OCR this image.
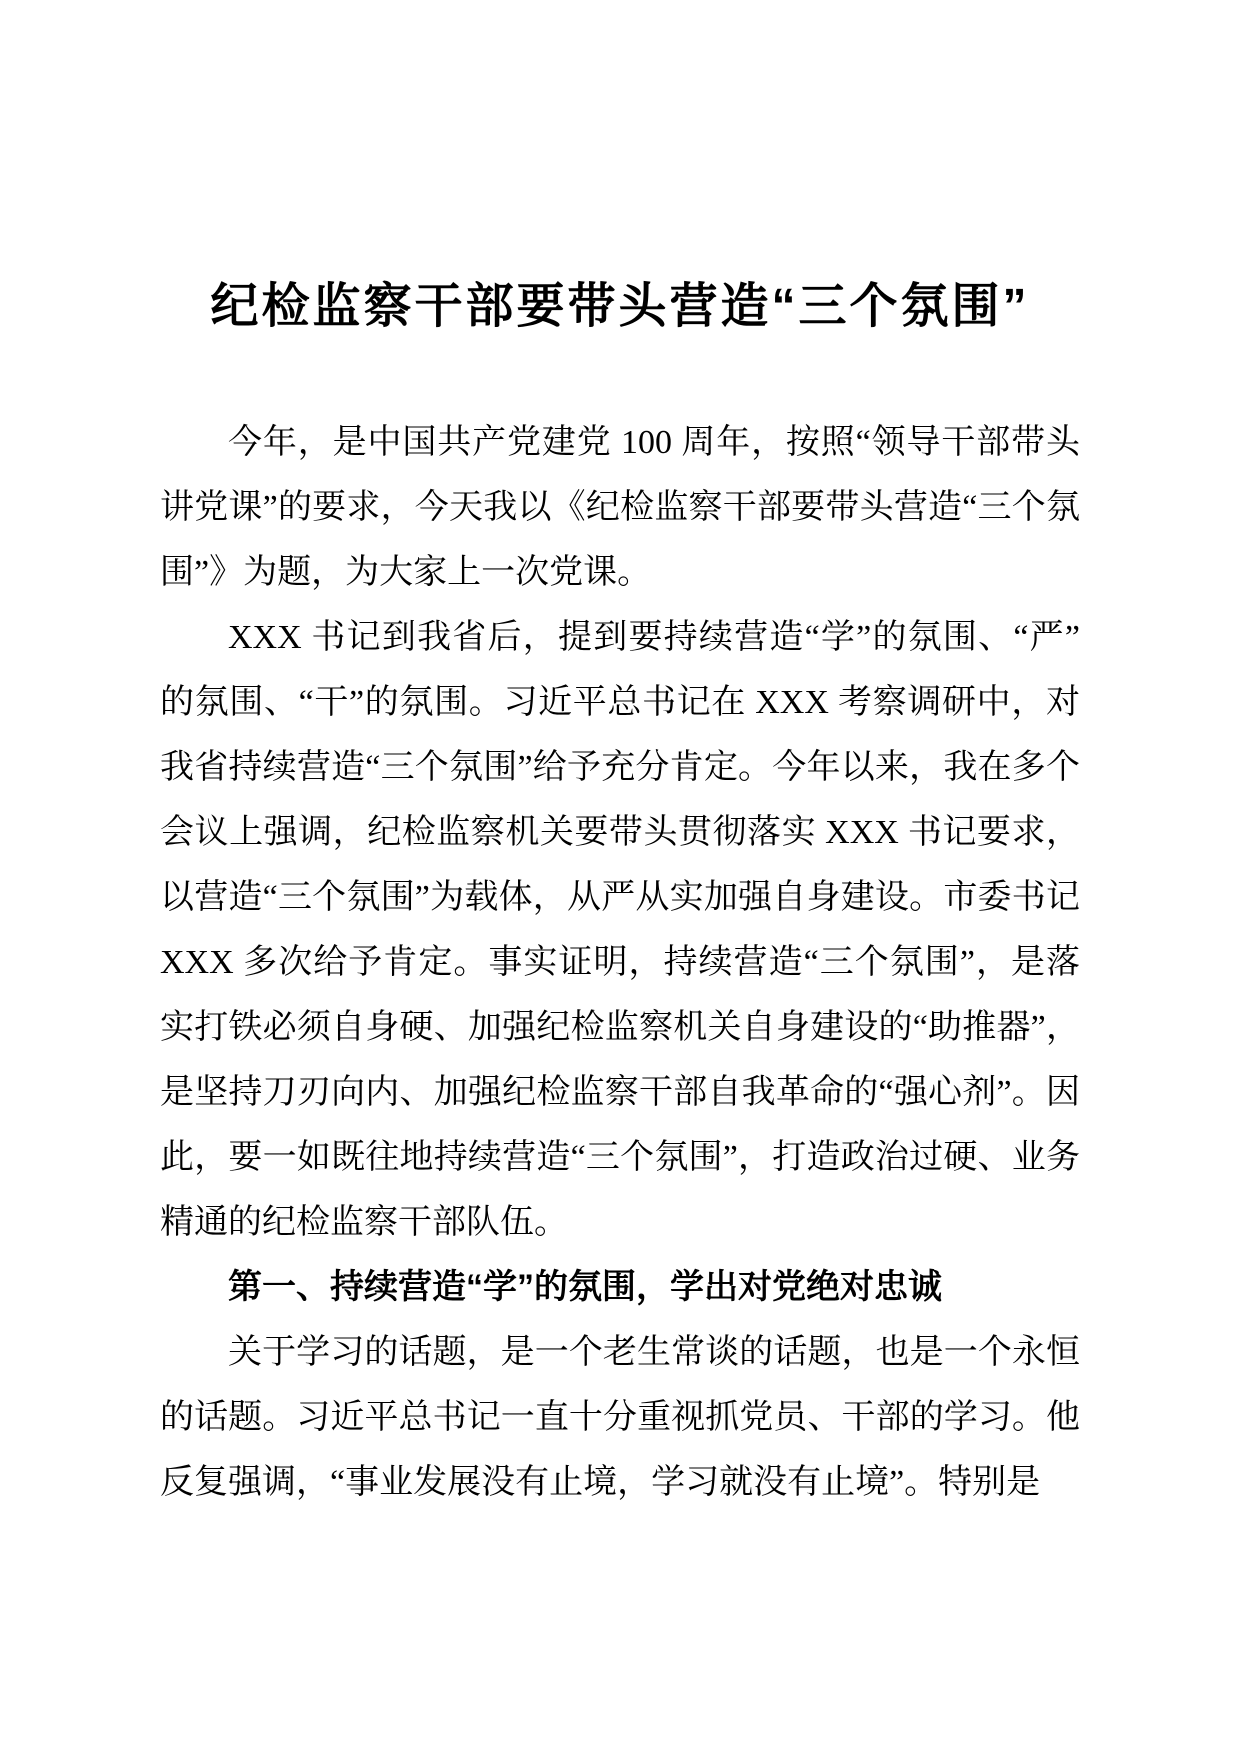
纪检监察干部要带头营造“三个氛围”

今年，是中国共产党建党 100 周年，按照“领导干部带头讲党课”的要求，今天我以《纪检监察干部要带头营造“三个氛围”》为题，为大家上一次党课。

XXX 书记到我省后，提到要持续营造“学”的氛围、“严”的氛围、“干”的氛围。习近平总书记在 XXX 考察调研中，对我省持续营造“三个氛围”给予充分肯定。今年以来，我在多个会议上强调，纪检监察机关要带头贯彻落实 XXX 书记要求，以营造“三个氛围”为载体，从严从实加强自身建设。市委书记 XXX 多次给予肯定。事实证明，持续营造“三个氛围”，是落实打铁必须自身硬、加强纪检监察机关自身建设的“助推器”，是坚持刀刃向内、加强纪检监察干部自我革命的“强心剂”。因此，要一如既往地持续营造“三个氛围”，打造政治过硬、业务精通的纪检监察干部队伍。

第一、持续营造“学”的氛围，学出对党绝对忠诚

关于学习的话题，是一个老生常谈的话题，也是一个永恒的话题。习近平总书记一直十分重视抓党员、干部的学习。他反复强调，“事业发展没有止境，学习就没有止境”。特别是
